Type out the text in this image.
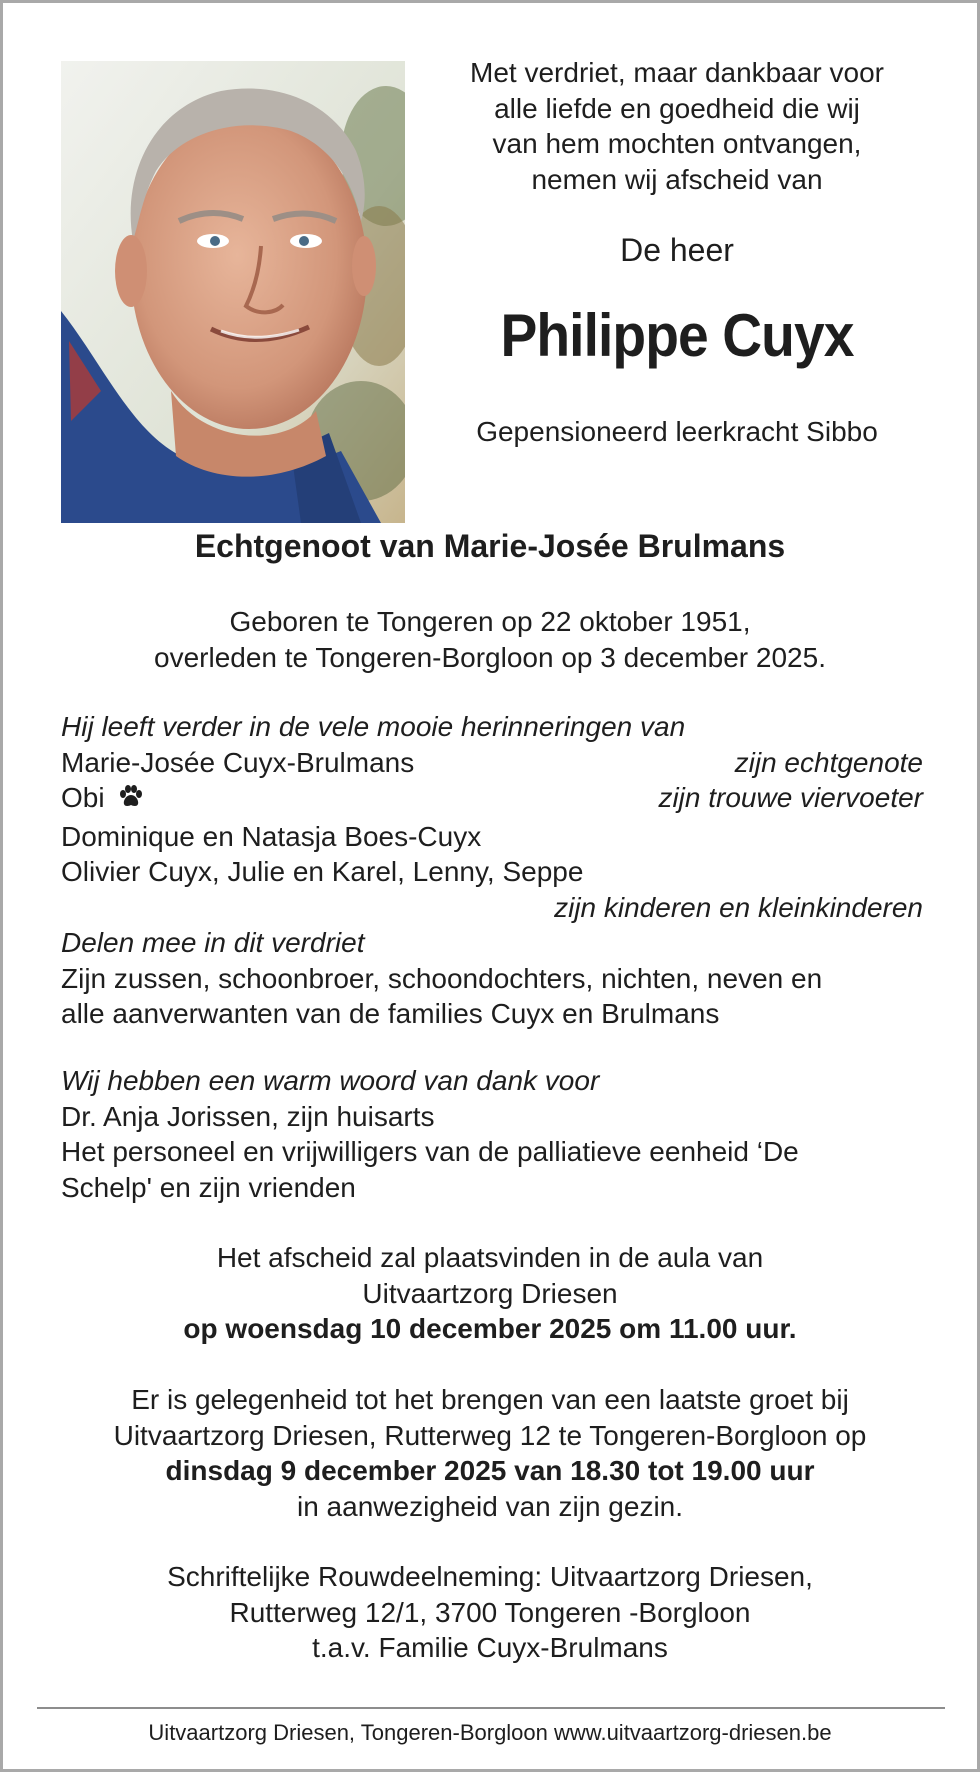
Met verdriet, maar dankbaar voor
alle liefde en goedheid die wij
van hem mochten ontvangen,
nemen wij afscheid van
De heer
Philippe Cuyx
Gepensioneerd leerkracht Sibbo
Echtgenoot van Marie-Josée Brulmans
Geboren te Tongeren op 22 oktober 1951,
overleden te Tongeren-Borgloon op 3 december 2025.
Hij leeft verder in de vele mooie herinneringen van
Marie-Josée Cuyx-Brulmans	zijn echtgenote
Obi	zijn trouwe viervoeter
Dominique en Natasja Boes-Cuyx
Olivier Cuyx, Julie en Karel, Lenny, Seppe
zijn kinderen en kleinkinderen
Delen mee in dit verdriet
Zijn zussen, schoonbroer, schoondochters, nichten, neven en
alle aanverwanten van de families Cuyx en Brulmans
Wij hebben een warm woord van dank voor
Dr. Anja Jorissen, zijn huisarts
Het personeel en vrijwilligers van de palliatieve eenheid ‘De
Schelp' en zijn vrienden
Het afscheid zal plaatsvinden in de aula van
Uitvaartzorg Driesen
op woensdag 10 december 2025 om 11.00 uur.
Er is gelegenheid tot het brengen van een laatste groet bij
Uitvaartzorg Driesen, Rutterweg 12 te Tongeren-Borgloon op
dinsdag 9 december 2025 van 18.30 tot 19.00 uur
in aanwezigheid van zijn gezin.
Schriftelijke Rouwdeelneming: Uitvaartzorg Driesen,
Rutterweg 12/1, 3700 Tongeren -Borgloon
t.a.v. Familie Cuyx-Brulmans
Uitvaartzorg Driesen, Tongeren-Borgloon www.uitvaartzorg-driesen.be
